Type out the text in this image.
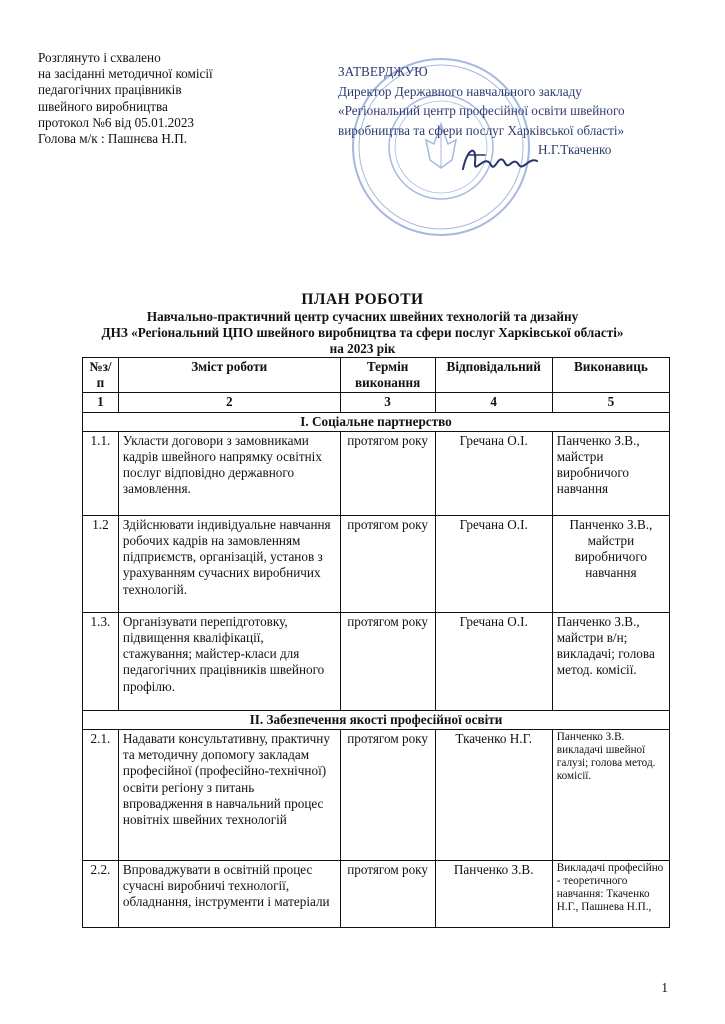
Розглянуто і схвалено
на засіданні методичної комісії
педагогічних працівників
швейного виробництва
протокол №6 від 05.01.2023
Голова м/к : Пашнєва Н.П.
ЗАТВЕРДЖУЮ
Директор Державного навчального закладу
«Регіональний центр професійної освіти швейного
виробництва та сфери послуг Харківської області»
Н.Г.Ткаченко
ПЛАН РОБОТИ
Навчально-практичний центр сучасних швейних технологій та дизайну
ДНЗ «Регіональний ЦПО швейного виробництва та сфери послуг Харківської області»
на 2023 рік
№з/п	Зміст роботи	Термін виконання	Відповідальний	Виконавиць
1	2	3	4	5
І. Соціальне партнерство				
1.1.	Укласти договори з замовниками кадрів швейного напрямку освітніх послуг відповідно державного замовлення.	протягом року	Гречана О.І.	Панченко З.В., майстри виробничого навчання
1.2	Здійснювати індивідуальне навчання робочих кадрів на замовленням підприємств, організацій, установ з урахуванням сучасних виробничих технологій.	протягом року	Гречана О.І.	Панченко З.В., майстри виробничого навчання
1.3.	Організувати перепідготовку, підвищення кваліфікації, стажування; майстер-класи для педагогічних працівників швейного профілю.	протягом року	Гречана О.І.	Панченко З.В., майстри в/н; викладачі; голова метод. комісії.
ІІ. Забезпечення якості професійної освіти				
2.1.	Надавати консультативну, практичну та методичну допомогу закладам професійної (професійно-технічної) освіти регіону з питань впровадження в навчальний процес новітніх швейних технологій	протягом року	Ткаченко Н.Г.	Панченко З.В. викладачі швейної галузі; голова метод. комісії.
2.2.	Впроваджувати в освітній процес сучасні виробничі технології, обладнання, інструменти і матеріали	протягом року	Панченко З.В.	Викладачі професійно - теоретичного навчання: Ткаченко Н.Г., Пашнева Н.П.,
1
